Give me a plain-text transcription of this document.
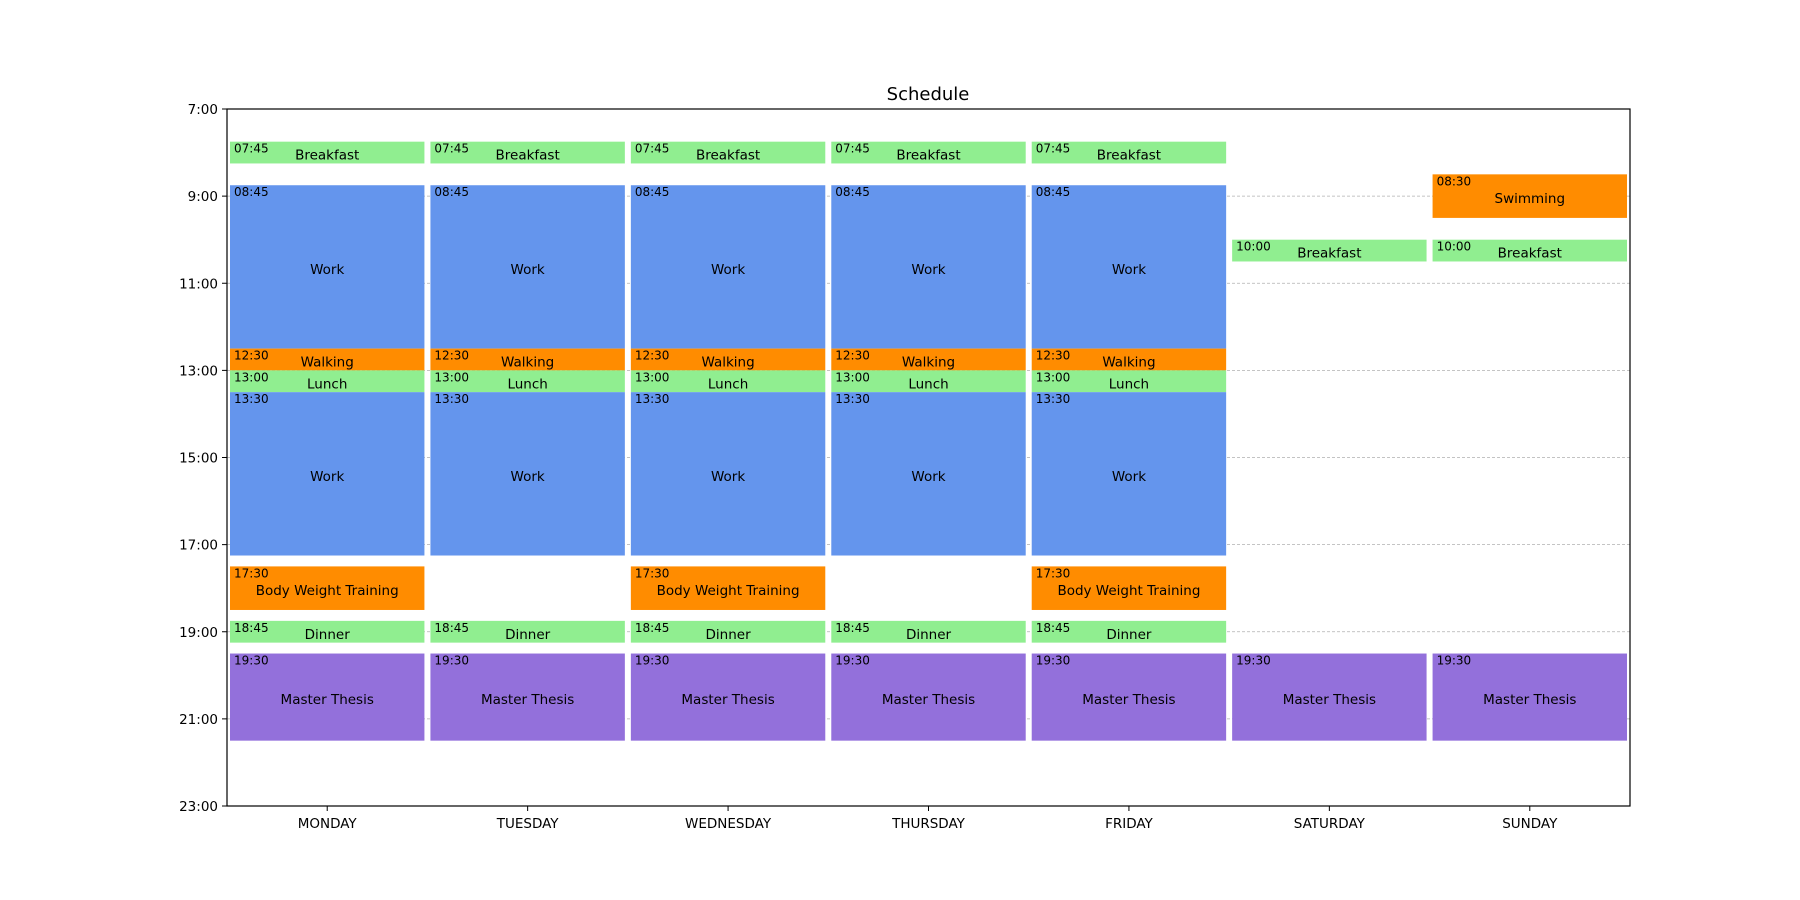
Schedule
07:45 Breakfast
08:45
Work
12:30 Walking
13:00	Lunch
13:30
Work
17:30
Body Weight Training
18:45	Dinner
19:30
Master Thesis
07:45 Breakfast
08:45
Work
12:30 Walking
13:00	Lunch
13:30
Work
18:45	Dinner
19:30
Master Thesis
07:45 Breakfast
08:45
Work
12:30 Walking
13:00	Lunch
13:30
Work
17:30
Body Weight Training
18:45	Dinner
19:30
Master Thesis
07:45 Breakfast
08:45
Work
12:30 Walking
13:00	Lunch
13:30
Work
18:45	Dinner
19:30
Master Thesis
07:45 Breakfast
08:45
Work
12:30 Walking
13:00	Lunch
13:30
Work
17:30
Body Weight Training
18:45	Dinner
19:30
Master Thesis
10:00 Breakfast
19:30
Master Thesis
08:30
Swimming
10:00 Breakfast
19:30
Master Thesis
7:00
9:00
11:00
13:00
15:00
17:00
19:00
21:00
23:00
MONDAY	TUESDAY	WEDNESDAY	THURSDAY	FRIDAY	SATURDAY	SUNDAY
